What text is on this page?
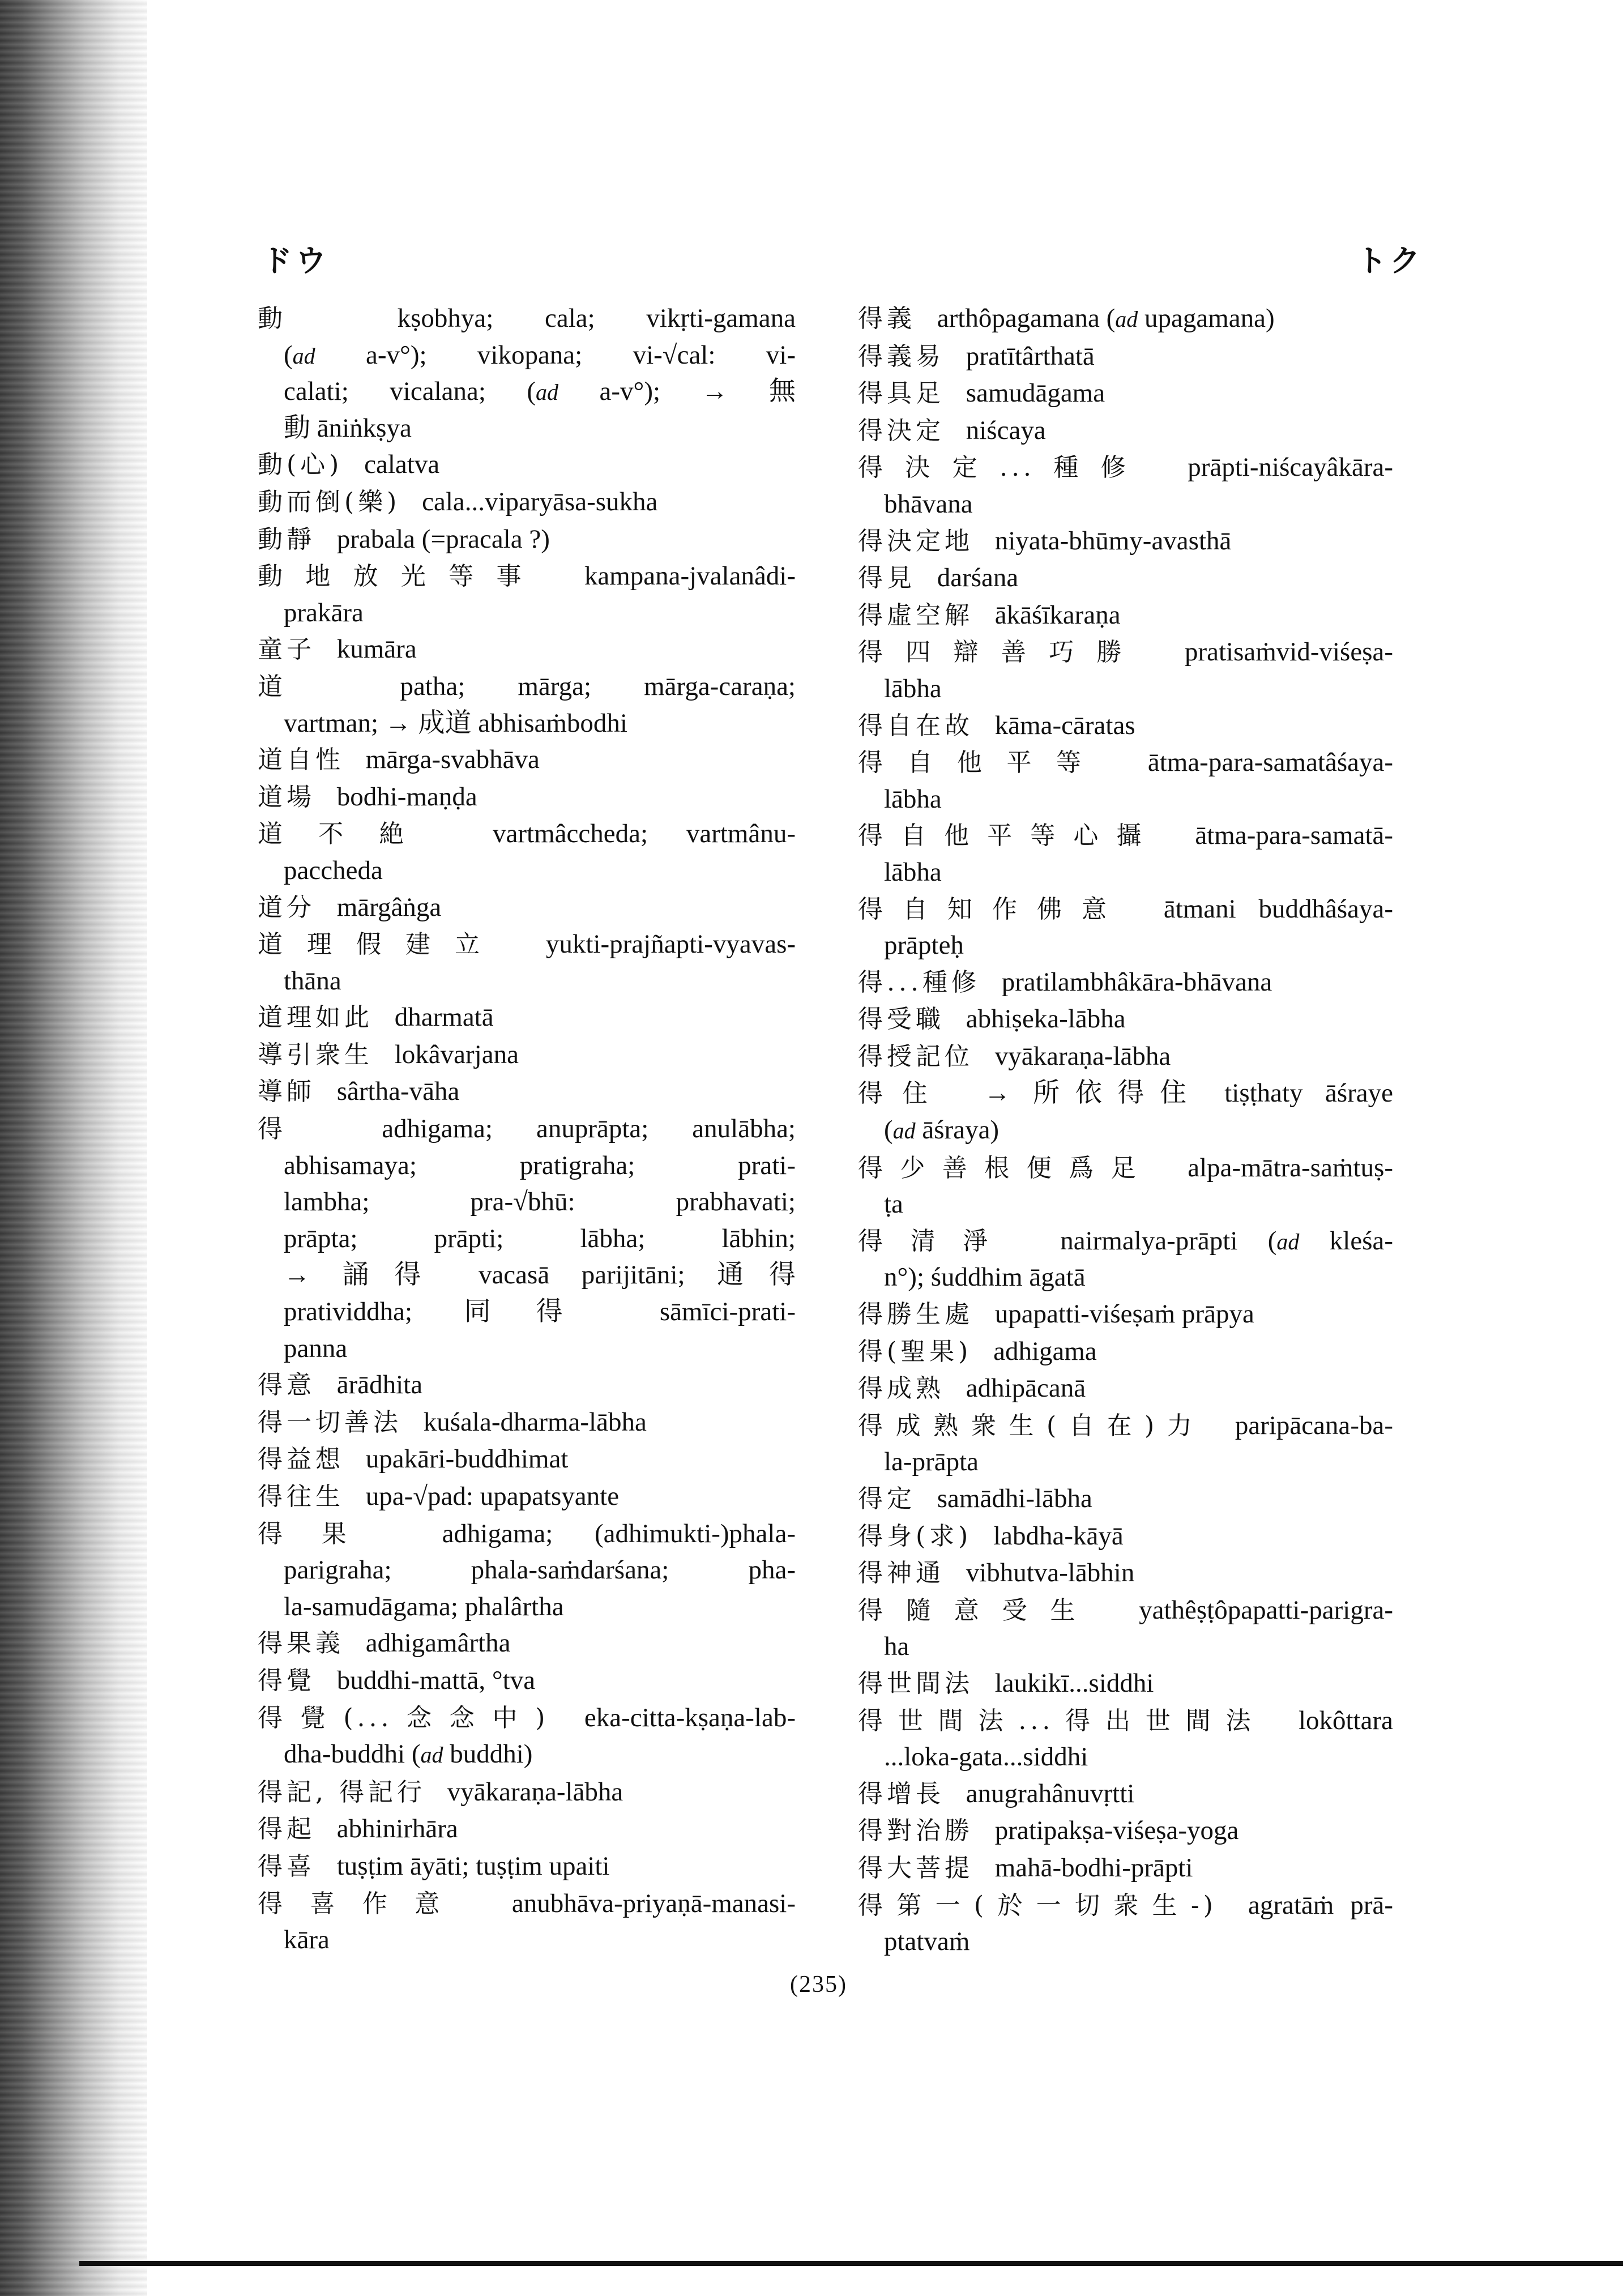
ドウ	トク
動 kṣobhya; cala; vikṛti-gamana
(ad a-v°); vikopana; vi-√cal: vi-
calati; vicalana; (ad a-v°); → 無
動 āniṅkṣya
動(心) calatva
動而倒(樂) cala...viparyāsa-sukha
動靜 prabala (=pracala ?)
動地放光等事 kampana-jvalanâdi-
prakāra
童子 kumāra
道	patha; mārga; mārga-caraṇa;
vartman; → 成道 abhisaṁbodhi
道自性 mārga-svabhāva
道場 bodhi-maṇḍa
道不絶 vartmâccheda; vartmânu-
paccheda
道分 mārgâṅga
道理假建立 yukti-prajñapti-vyavas-
thāna
道理如此 dharmatā
導引衆生 lokâvarjana
導師 sârtha-vāha
得 adhigama; anuprāpta; anulābha;
abhisamaya; pratigraha; prati-
lambha; pra-√bhū: prabhavati;
prāpta; prāpti; lābha; lābhin;
→ 誦得 vacasā parijitāni; 通得
pratividdha; 同得 sāmīci-prati-
panna
得意 ārādhita
得一切善法 kuśala-dharma-lābha
得益想 upakāri-buddhimat
得往生 upa-√pad: upapatsyante
得果 adhigama; (adhimukti-)phala-
parigraha; phala-saṁdarśana; pha-
la-samudāgama; phalârtha
得果義 adhigamârtha
得覺 buddhi-mattā, °tva
得覺(...念念中) eka-citta-kṣaṇa-lab-
dha-buddhi (ad buddhi)
得記, 得記行 vyākaraṇa-lābha
得起 abhinirhāra
得喜 tuṣṭim āyāti; tuṣṭim upaiti
得喜作意 anubhāva-priyaṇā-manasi-
kāra
得義 arthôpagamana (ad upagamana)
得義易 pratītârthatā
得具足 samudāgama
得決定 niścaya
得決定...種修 prāpti-niścayâkāra-
bhāvana
得決定地 niyata-bhūmy-avasthā
得見 darśana
得虛空解 ākāśīkaraṇa
得四辯善巧勝 pratisaṁvid-viśeṣa-
lābha
得自在故 kāma-cāratas
得自他平等 ātma-para-samatâśaya-
lābha
得自他平等心攝 ātma-para-samatā-
lābha
得自知作佛意 ātmani buddhâśaya-
prāpteḥ
得...種修 pratilambhâkāra-bhāvana
得受職 abhiṣeka-lābha
得授記位 vyākaraṇa-lābha
得住 → 所依得住 tiṣṭhaty āśraye
(ad āśraya)
得少善根便爲足 alpa-mātra-saṁtuṣ-
ṭa
得清淨 nairmalya-prāpti (ad kleśa-
n°); śuddhim āgatā
得勝生處 upapatti-viśeṣaṁ prāpya
得(聖果) adhigama
得成熟 adhipācanā
得成熟衆生(自在)力 paripācana-ba-
la-prāpta
得定 samādhi-lābha
得身(求) labdha-kāyā
得神通 vibhutva-lābhin
得隨意受生 yathêṣṭôpapatti-parigra-
ha
得世間法 laukikī...siddhi
得世間法...得出世間法 lokôttara
...loka-gata...siddhi
得增長 anugrahânuvṛtti
得對治勝 pratipakṣa-viśeṣa-yoga
得大菩提 mahā-bodhi-prāpti
得第一(於一切衆生-) agratāṁ prā-
ptatvaṁ
(235)
